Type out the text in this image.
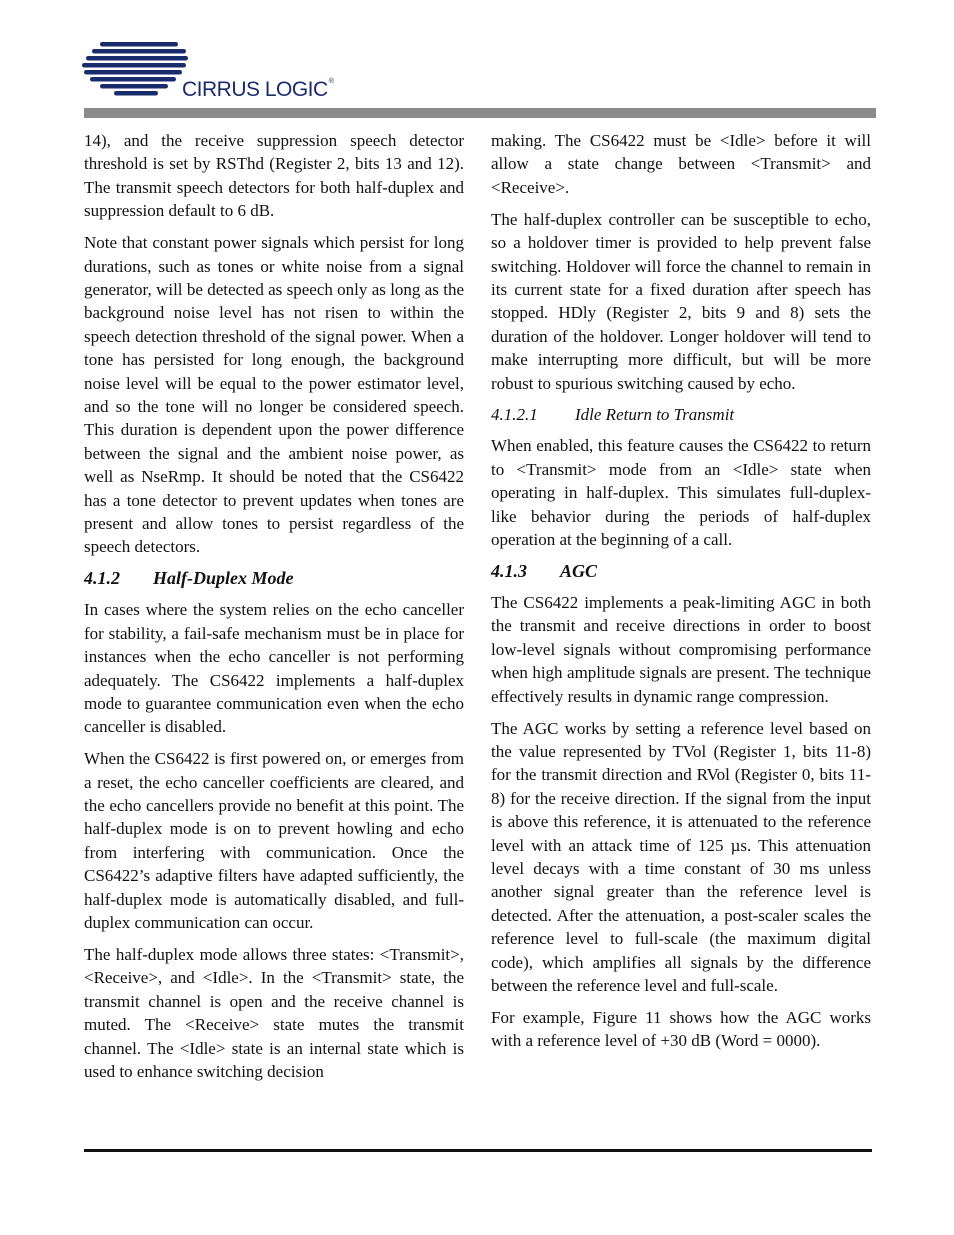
CIRRUS LOGIC®

14), and the receive suppression speech detector threshold is set by RSThd (Register 2, bits 13 and 12). The transmit speech detectors for both half-duplex and suppression default to 6 dB.

Note that constant power signals which persist for long durations, such as tones or white noise from a signal generator, will be detected as speech only as long as the background noise level has not risen to within the speech detection threshold of the signal power. When a tone has persisted for long enough, the background noise level will be equal to the power estimator level, and so the tone will no longer be considered speech. This duration is dependent upon the power difference between the signal and the ambient noise power, as well as NseRmp. It should be noted that the CS6422 has a tone detector to prevent updates when tones are present and allow tones to persist regardless of the speech detectors.

4.1.2 Half-Duplex Mode

In cases where the system relies on the echo canceller for stability, a fail-safe mechanism must be in place for instances when the echo canceller is not performing adequately. The CS6422 implements a half-duplex mode to guarantee communication even when the echo canceller is disabled.

When the CS6422 is first powered on, or emerges from a reset, the echo canceller coefficients are cleared, and the echo cancellers provide no benefit at this point. The half-duplex mode is on to prevent howling and echo from interfering with communication. Once the CS6422’s adaptive filters have adapted sufficiently, the half-duplex mode is automatically disabled, and full-duplex communication can occur.

The half-duplex mode allows three states: <Transmit>, <Receive>, and <Idle>. In the <Transmit> state, the transmit channel is open and the receive channel is muted. The <Receive> state mutes the transmit channel. The <Idle> state is an internal state which is used to enhance switching decision

making. The CS6422 must be <Idle> before it will allow a state change between <Transmit> and <Receive>.

The half-duplex controller can be susceptible to echo, so a holdover timer is provided to help prevent false switching. Holdover will force the channel to remain in its current state for a fixed duration after speech has stopped. HDly (Register 2, bits 9 and 8) sets the duration of the holdover. Longer holdover will tend to make interrupting more difficult, but will be more robust to spurious switching caused by echo.

4.1.2.1 Idle Return to Transmit

When enabled, this feature causes the CS6422 to return to <Transmit> mode from an <Idle> state when operating in half-duplex. This simulates full-duplex-like behavior during the periods of half-duplex operation at the beginning of a call.

4.1.3 AGC

The CS6422 implements a peak-limiting AGC in both the transmit and receive directions in order to boost low-level signals without compromising performance when high amplitude signals are present. The technique effectively results in dynamic range compression.

The AGC works by setting a reference level based on the value represented by TVol (Register 1, bits 11-8) for the transmit direction and RVol (Register 0, bits 11-8) for the receive direction. If the signal from the input is above this reference, it is attenuated to the reference level with an attack time of 125 µs. This attenuation level decays with a time constant of 30 ms unless another signal greater than the reference level is detected. After the attenuation, a post-scaler scales the reference level to full-scale (the maximum digital code), which amplifies all signals by the difference between the reference level and full-scale.

For example, Figure 11 shows how the AGC works with a reference level of +30 dB (Word = 0000).
